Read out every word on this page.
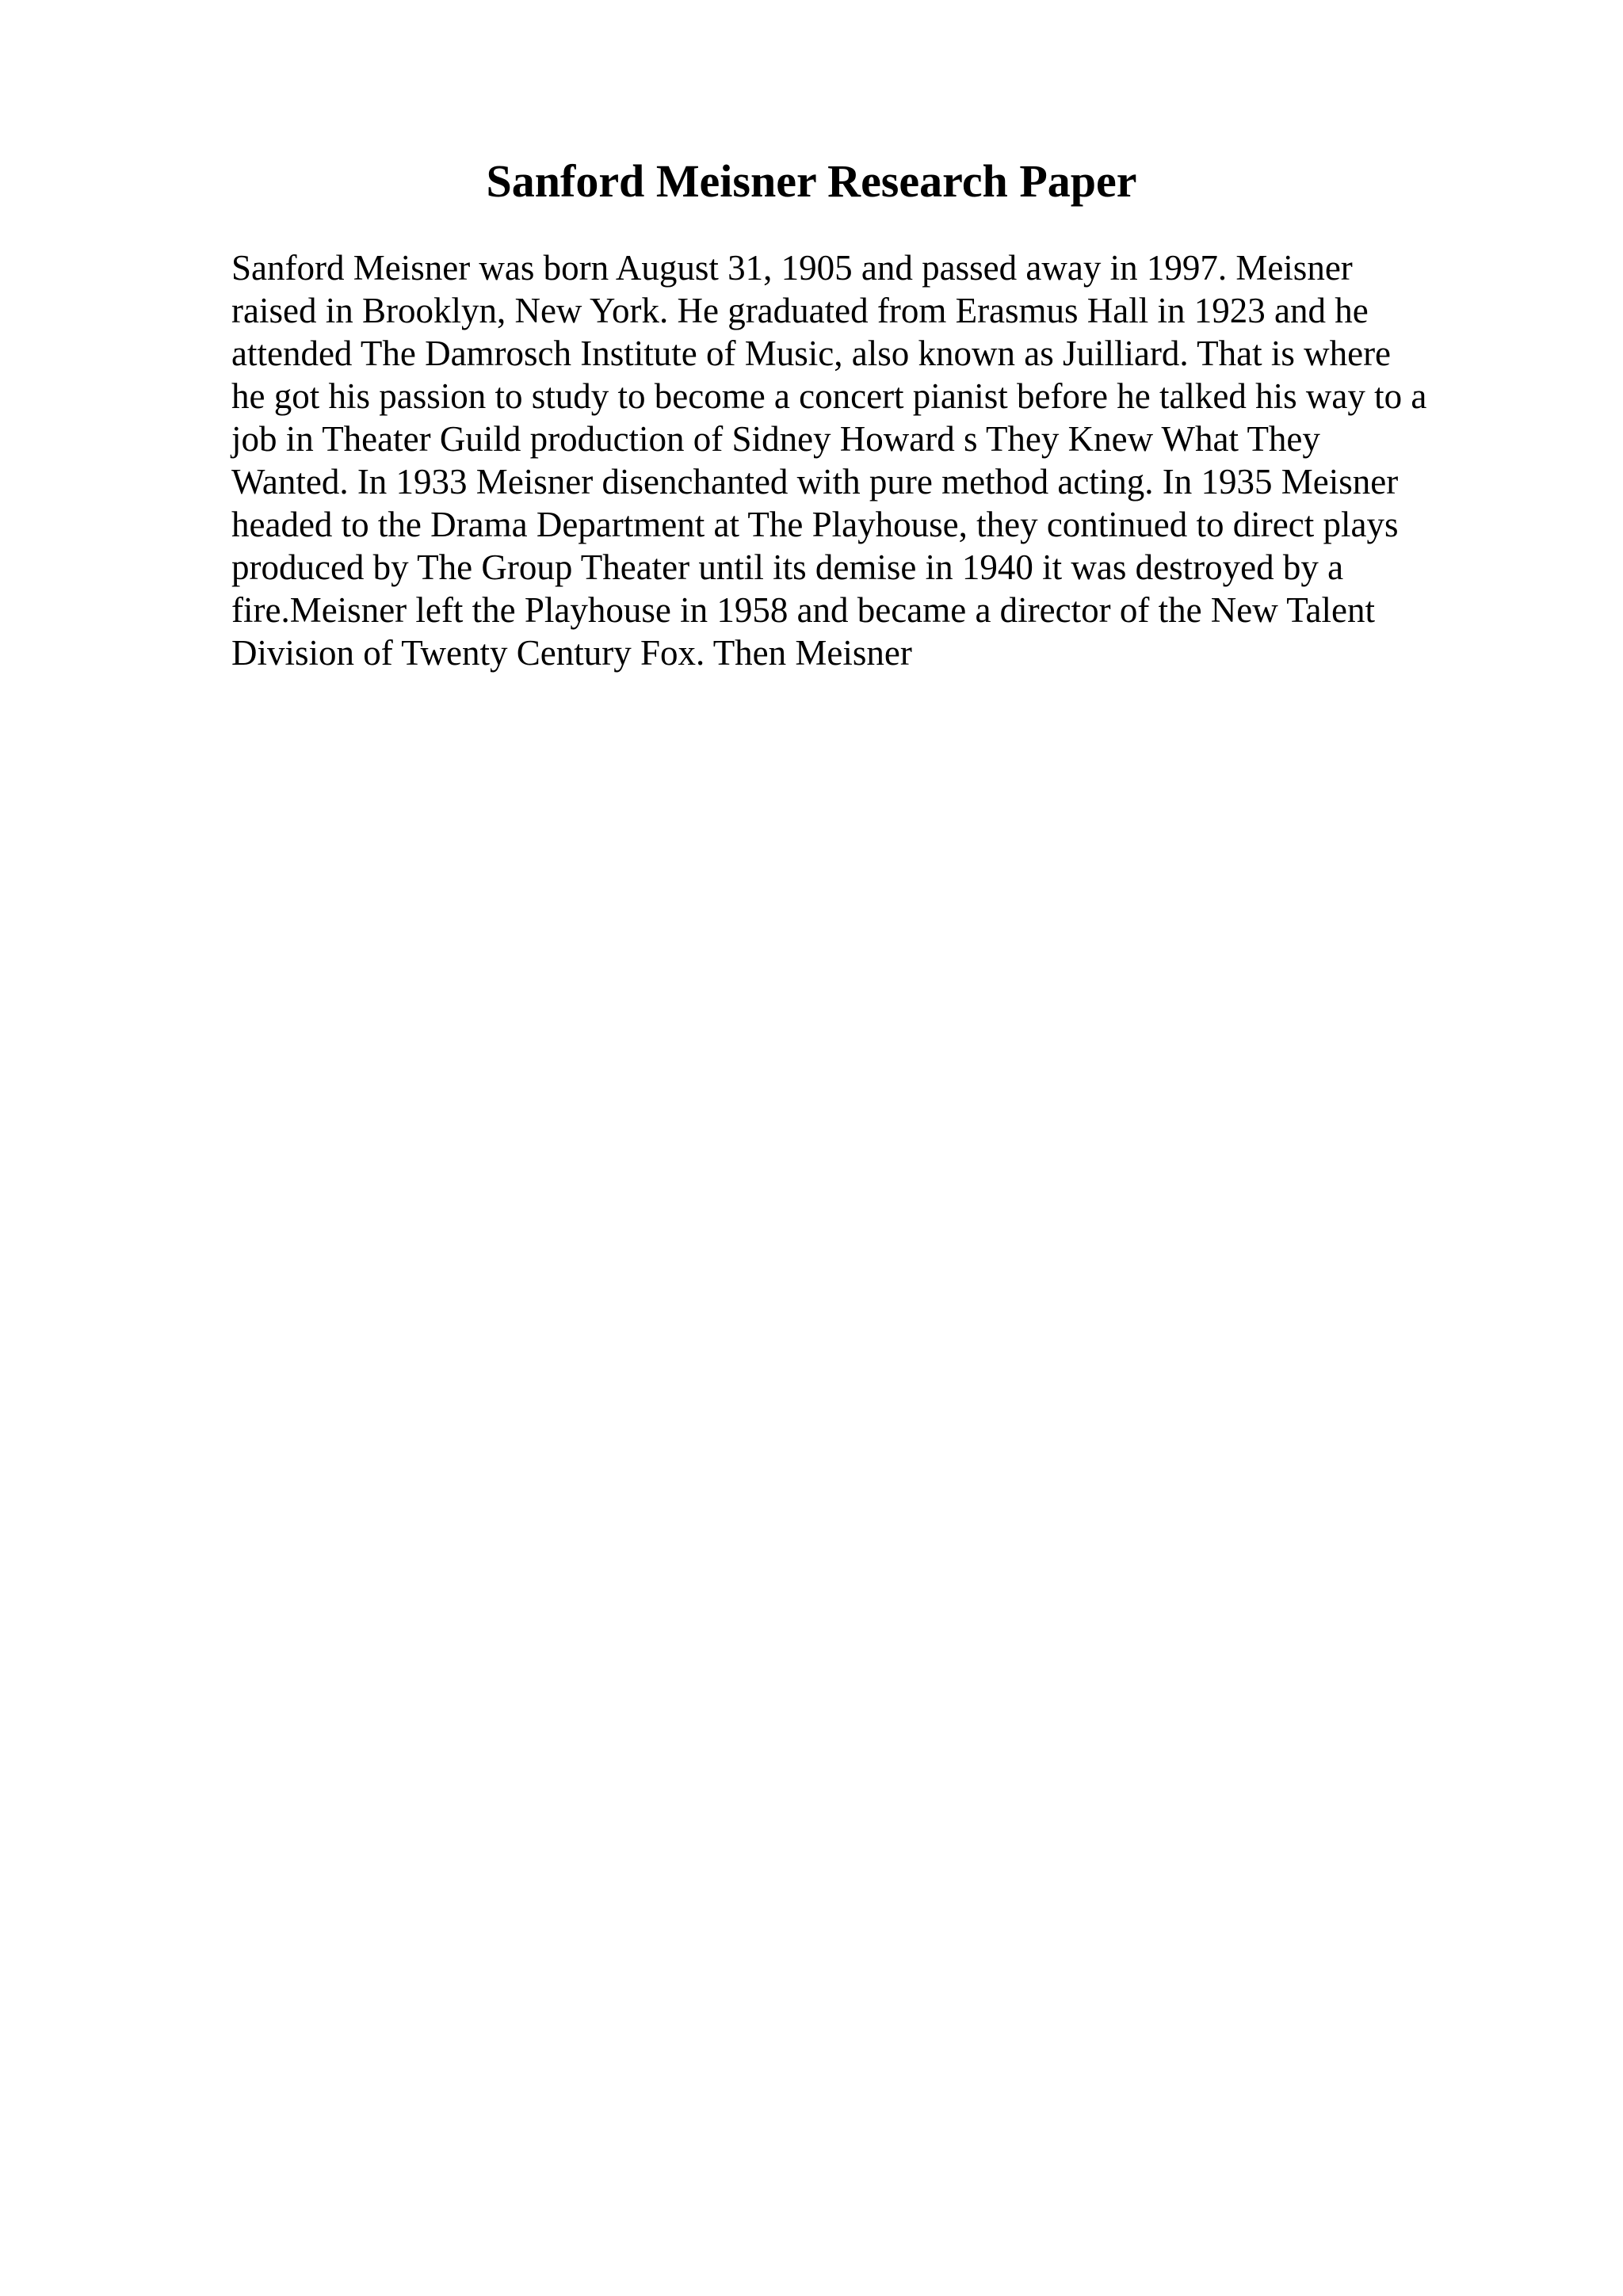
Sanford Meisner Research Paper
Sanford Meisner was born August 31, 1905 and passed away in 1997. Meisner
raised in Brooklyn, New York. He graduated from Erasmus Hall in 1923 and he
attended The Damrosch Institute of Music, also known as Juilliard. That is where
he got his passion to study to become a concert pianist before he talked his way to a
job in Theater Guild production of Sidney Howard s They Knew What They
Wanted. In 1933 Meisner disenchanted with pure method acting. In 1935 Meisner
headed to the Drama Department at The Playhouse, they continued to direct plays
produced by The Group Theater until its demise in 1940 it was destroyed by a
fire.Meisner left the Playhouse in 1958 and became a director of the New Talent
Division of Twenty Century Fox. Then Meisner
